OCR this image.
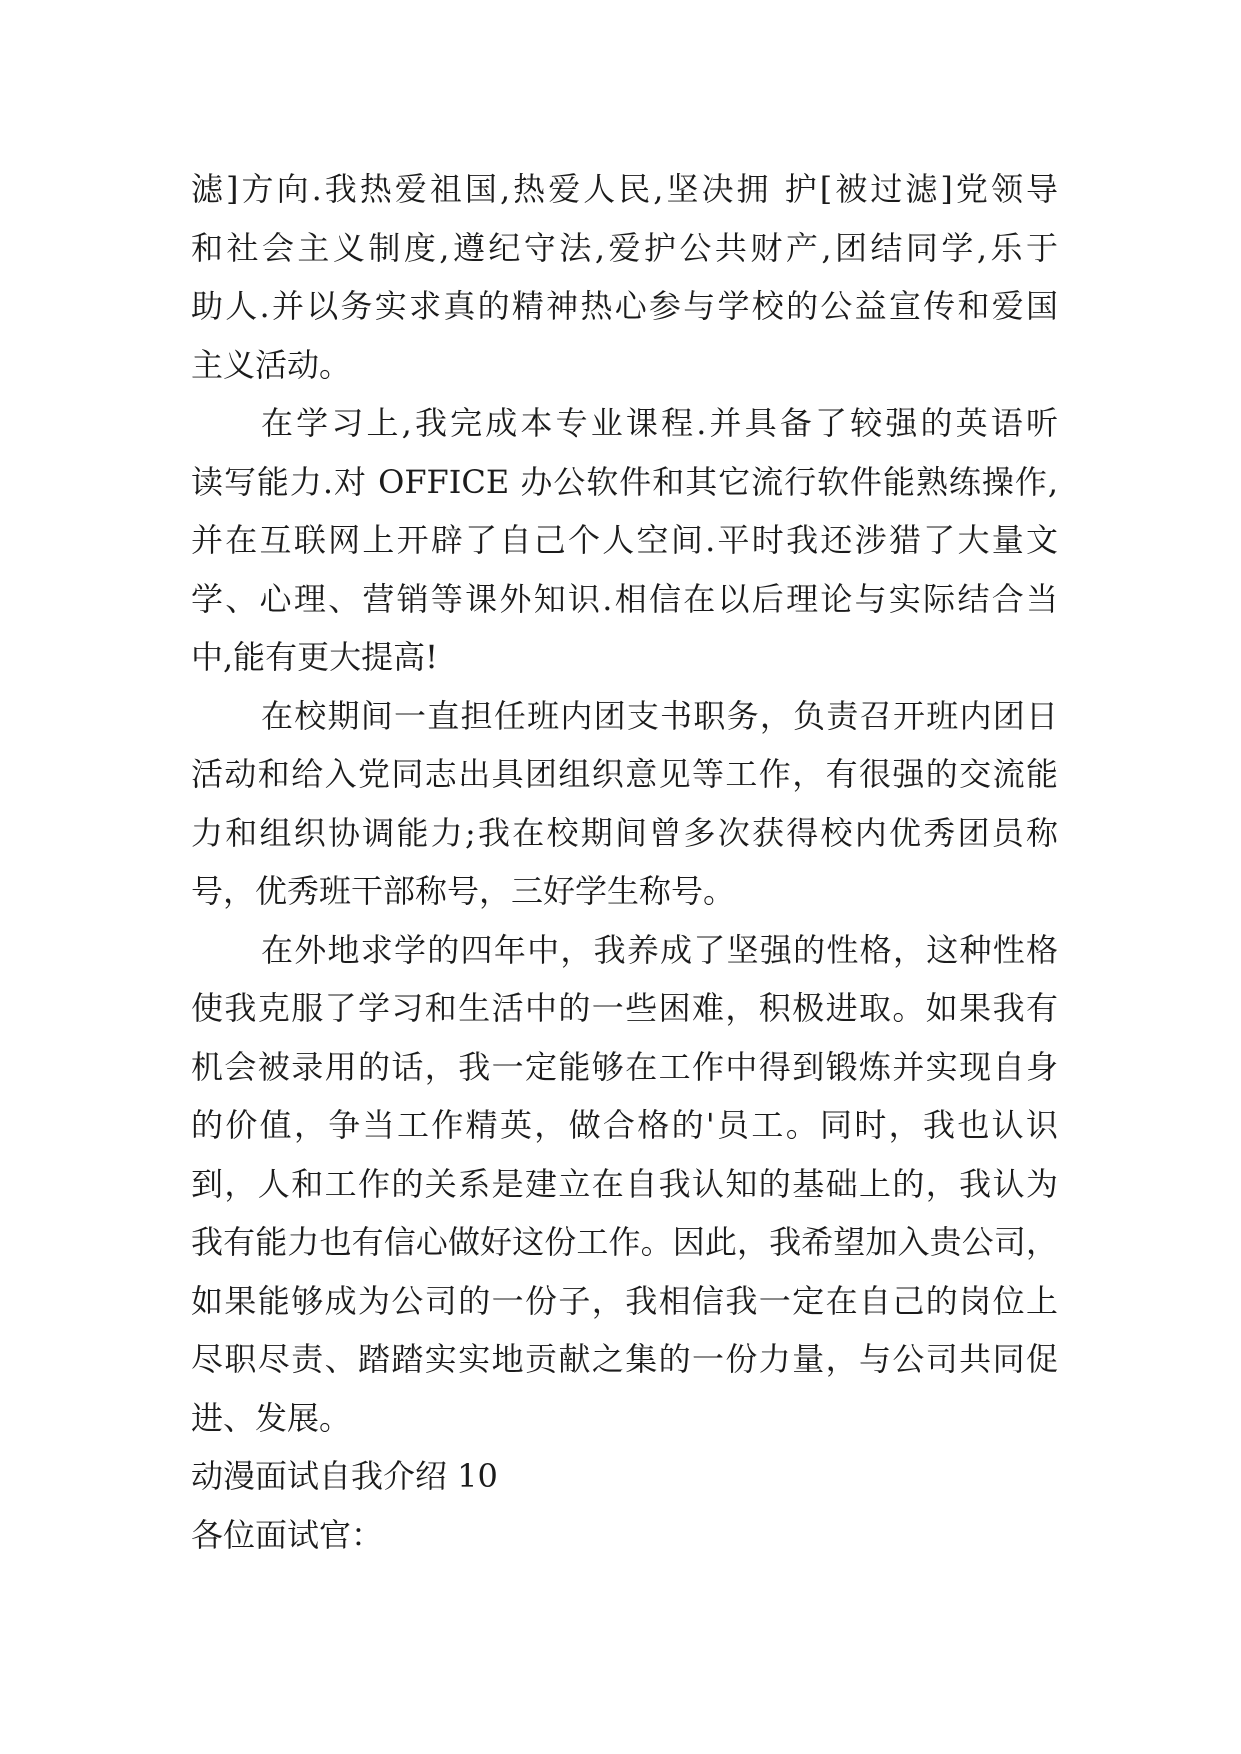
滤]方向.我热爱祖国,热爱人民,坚决拥 护[被过滤]党领导
和社会主义制度,遵纪守法,爱护公共财产,团结同学,乐于
助人.并以务实求真的精神热心参与学校的公益宣传和爱国
主义活动。
在学习上,我完成本专业课程.并具备了较强的英语听
读写能力.对 OFFICE 办公软件和其它流行软件能熟练操作,
并在互联网上开辟了自己个人空间.平时我还涉猎了大量文
学、心理、营销等课外知识.相信在以后理论与实际结合当
中,能有更大提高!
在校期间一直担任班内团支书职务，负责召开班内团日
活动和给入党同志出具团组织意见等工作，有很强的交流能
力和组织协调能力;我在校期间曾多次获得校内优秀团员称
号，优秀班干部称号，三好学生称号。
在外地求学的四年中，我养成了坚强的性格，这种性格
使我克服了学习和生活中的一些困难，积极进取。如果我有
机会被录用的话，我一定能够在工作中得到锻炼并实现自身
的价值，争当工作精英，做合格的'员工。同时，我也认识
到，人和工作的关系是建立在自我认知的基础上的，我认为
我有能力也有信心做好这份工作。因此，我希望加入贵公司，
如果能够成为公司的一份子，我相信我一定在自己的岗位上
尽职尽责、踏踏实实地贡献之集的一份力量，与公司共同促
进、发展。
动漫面试自我介绍 10
各位面试官：
